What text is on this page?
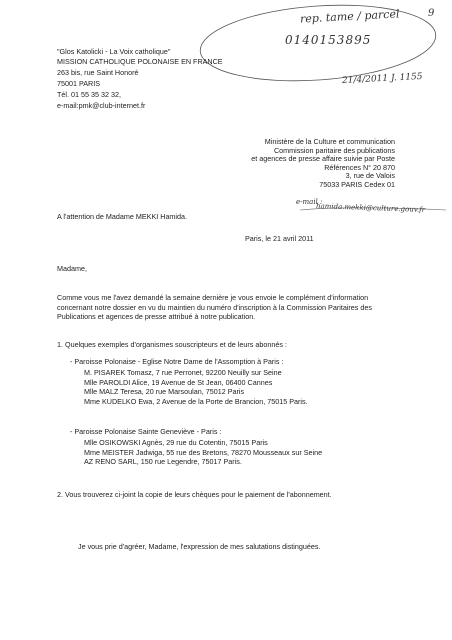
rep. tame / parcel	9
0140153895
21/4/2011 J. 1155
e-mail :
hamida.mekki@culture.gouv.fr
"Glos Katolicki - La Voix catholique"
MISSION CATHOLIQUE POLONAISE EN FRANCE
263 bis, rue Saint Honoré
75001 PARIS
Tél. 01 55 35 32 32,
e-mail:pmk@club-internet.fr
Ministère de la Culture et communication
Commission paritaire des publications
et agences de presse affaire suivie par Poste
Références N° 20 870
3, rue de Valois
75033 PARIS Cedex 01
A l'attention de Madame MEKKI Hamida.
Paris, le 21 avril 2011
Madame,
Comme vous me l'avez demandé la semaine dernière je vous envoie le complément d'information
concernant notre dossier en vu du maintien du numéro d'inscription à la Commission Paritaires des
Publications et agences de presse attribué à notre publication.
1. Quelques exemples d'organismes souscripteurs et de leurs abonnés :
- Paroisse Polonaise - Eglise Notre Dame de l'Assomption à Paris :
M. PISAREK Tomasz, 7 rue Perronet, 92200 Neuilly sur Seine
Mlle PAROLDI Alice, 19 Avenue de St Jean, 06400 Cannes
Mlle MALZ Teresa, 20 rue Marsoulan, 75012 Paris
Mme KUDELKO Ewa, 2 Avenue de la Porte de Brancion, 75015 Paris.
- Paroisse Polonaise Sainte Geneviève - Paris :
Mlle OSIKOWSKI Agnès, 29 rue du Cotentin, 75015 Paris
Mme MEISTER Jadwiga, 55 rue des Bretons, 78270 Mousseaux sur Seine
AZ RENO SARL, 150 rue Legendre, 75017 Paris.
2. Vous trouverez ci-joint la copie de leurs chèques pour le paiement de l'abonnement.
Je vous prie d'agréer, Madame, l'expression de mes salutations distinguées.
